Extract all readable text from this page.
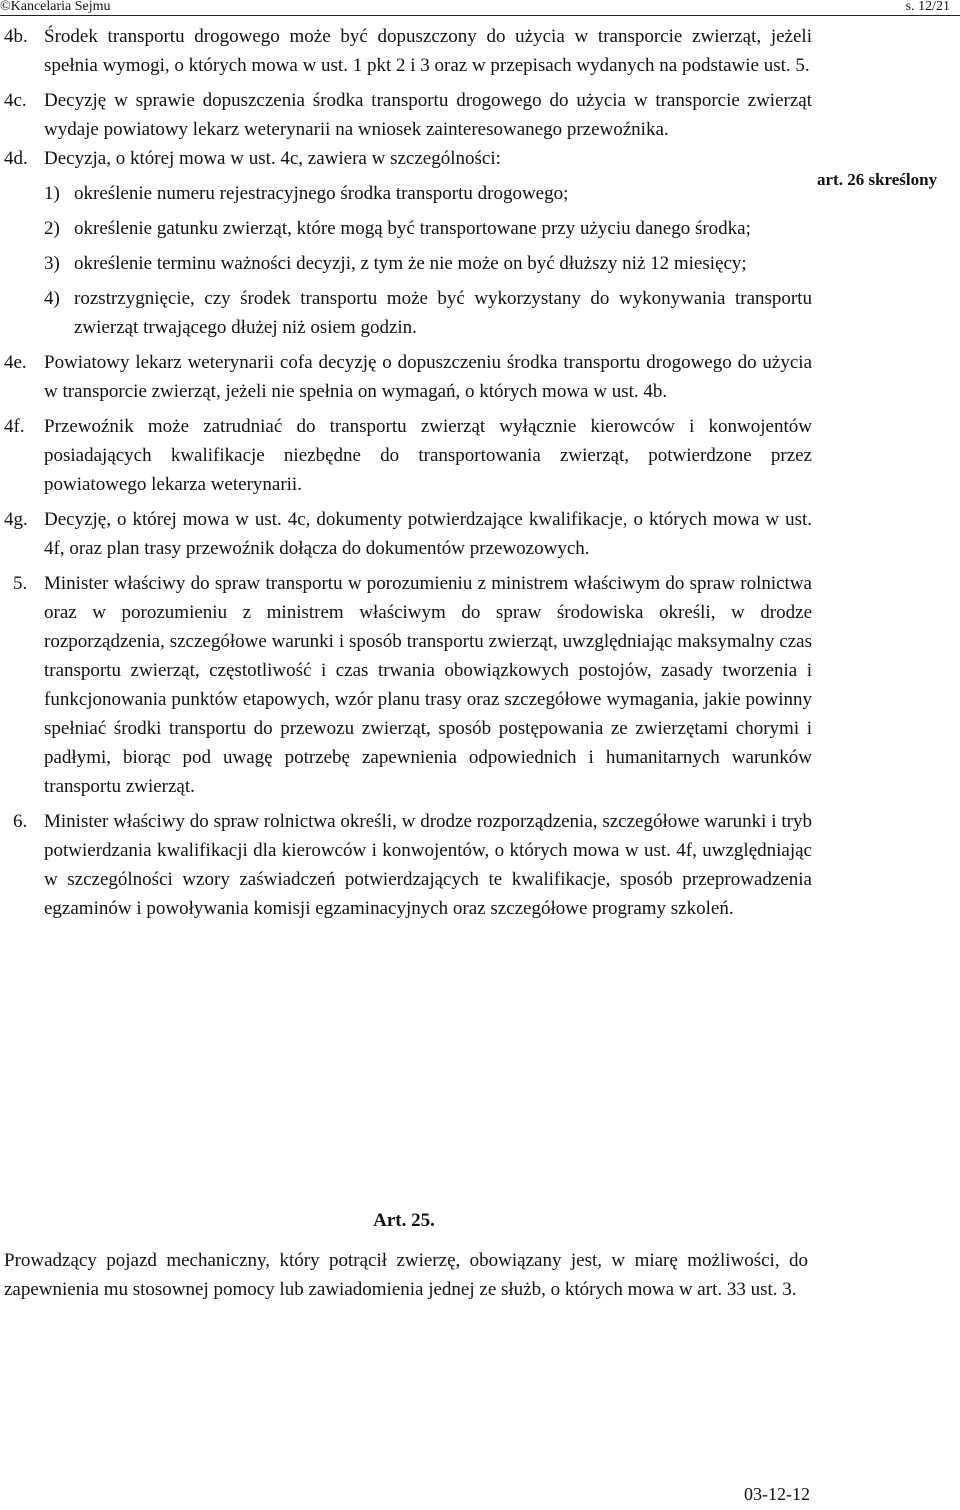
©Kancelaria Sejmu	s. 12/21
art. 26 skreślony
4b. Środek transportu drogowego może być dopuszczony do użycia w transporcie zwierząt, jeżeli spełnia wymogi, o których mowa w ust. 1 pkt 2 i 3 oraz w przepisach wydanych na podstawie ust. 5.
4c. Decyzję w sprawie dopuszczenia środka transportu drogowego do użycia w transporcie zwierząt wydaje powiatowy lekarz weterynarii na wniosek zainteresowanego przewoźnika.
4d. Decyzja, o której mowa w ust. 4c, zawiera w szczególności:
1) określenie numeru rejestracyjnego środka transportu drogowego;
2) określenie gatunku zwierząt, które mogą być transportowane przy użyciu danego środka;
3) określenie terminu ważności decyzji, z tym że nie może on być dłuższy niż 12 miesięcy;
4) rozstrzygnięcie, czy środek transportu może być wykorzystany do wykonywania transportu zwierząt trwającego dłużej niż osiem godzin.
4e. Powiatowy lekarz weterynarii cofa decyzję o dopuszczeniu środka transportu drogowego do użycia w transporcie zwierząt, jeżeli nie spełnia on wymagań, o których mowa w ust. 4b.
4f. Przewoźnik może zatrudniać do transportu zwierząt wyłącznie kierowców i konwojentów posiadających kwalifikacje niezbędne do transportowania zwierząt, potwierdzone przez powiatowego lekarza weterynarii.
4g. Decyzję, o której mowa w ust. 4c, dokumenty potwierdzające kwalifikacje, o których mowa w ust. 4f, oraz plan trasy przewoźnik dołącza do dokumentów przewozowych.
5. Minister właściwy do spraw transportu w porozumieniu z ministrem właściwym do spraw rolnictwa oraz w porozumieniu z ministrem właściwym do spraw środowiska określi, w drodze rozporządzenia, szczegółowe warunki i sposób transportu zwierząt, uwzględniając maksymalny czas transportu zwierząt, częstotliwość i czas trwania obowiązkowych postojów, zasady tworzenia i funkcjonowania punktów etapowych, wzór planu trasy oraz szczegółowe wymagania, jakie powinny spełniać środki transportu do przewozu zwierząt, sposób postępowania ze zwierzętami chorymi i padłymi, biorąc pod uwagę potrzebę zapewnienia odpowiednich i humanitarnych warunków transportu zwierząt.
6. Minister właściwy do spraw rolnictwa określi, w drodze rozporządzenia, szczegółowe warunki i tryb potwierdzania kwalifikacji dla kierowców i konwojentów, o których mowa w ust. 4f, uwzględniając w szczególności wzory zaświadczeń potwierdzających te kwalifikacje, sposób przeprowadzenia egzaminów i powoływania komisji egzaminacyjnych oraz szczegółowe programy szkoleń.
Art. 25.
Prowadzący pojazd mechaniczny, który potrącił zwierzę, obowiązany jest, w miarę możliwości, do zapewnienia mu stosownej pomocy lub zawiadomienia jednej ze służb, o których mowa w art. 33 ust. 3.
03-12-12
